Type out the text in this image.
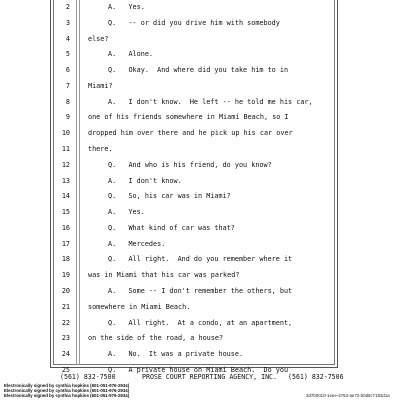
2	A.   Yes.
3	Q.   -- or did you drive him with somebody
4	else?
5	A.   Alone.
6	Q.   Okay.  And where did you take him to in
7	Miami?
8	A.   I don't know.  He left -- he told me his car,
9	one of his friends somewhere in Miami Beach, so I
10	dropped him over there and he pick up his car over
11	there.
12	Q.   And who is his friend, do you know?
13	A.   I don't know.
14	Q.   So, his car was in Miami?
15	A.   Yes.
16	Q.   What kind of car was that?
17	A.   Mercedes.
18	Q.   All right.  And do you remember where it
19	was in Miami that his car was parked?
20	A.   Some -- I don't remember the others, but
21	somewhere in Miami Beach.
22	Q.   All right.  At a condo, at an apartment,
23	on the side of the road, a house?
24	A.   No.  It was a private house.
25	Q.   A private house on Miami Beach.  Do you
(561) 832-7500	PROSE COURT REPORTING AGENCY, INC. (561) 832-7506
Electronically signed by cynthia hopkins (601-051-976-2934)
Electronically signed by cynthia hopkins (601-051-976-2934)
Electronically signed by cynthia hopkins (601-051-976-2934)	3d7b0010-1eee-4763-ae72-b0d5c7183d1a
